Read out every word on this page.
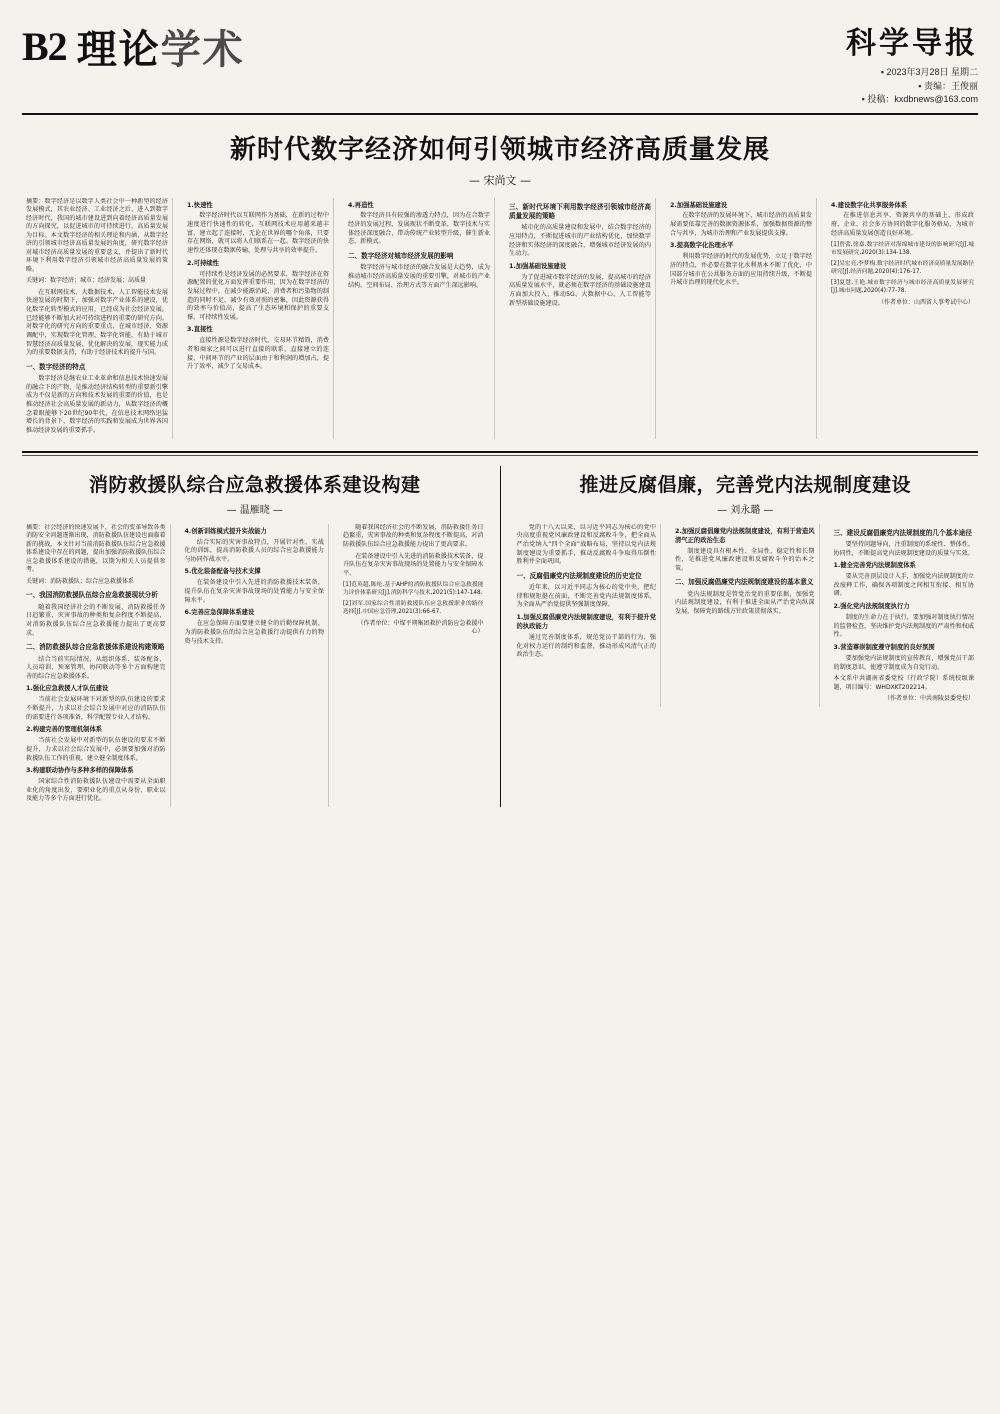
B2 理论学术	科学导报
▪ 2023年3月28日 星期二
▪ 责编：王俊丽
▪ 投稿：kxdbnews@163.com
新时代数字经济如何引领城市经济高质量发展
— 宋尚文 —

摘要：数字经济是以数字人类社会中一种新型的经济发展模式，其农业经济、工业经济之后，进入到数字经济时代，我国的城市建设进到向着经济高质量发展的方向探究，以促进城市的可持续进行，高质量发展为目标。本文数字经济的相关理论和内涵，从数字经济的引领城市经济高质量发展的角度，研究数字经济对城市经济高质量发展的重要意义，并提出了新时代环境下利用数字经济引领城市经济高质量发展的策略。

关键词：数字经济；城市；经济发展；高质量

在互联网技术、大数据技术、人工智能技术发展快速发展的时期下，加强对数字产业体系的建设，优化数字化转型模式的应用，已经成为社会经济发展。已经能够不断加大对可持续进程的重要的研究方向。对数字化的研究方向的重要重点，在城市经济、资源调配中，实现数字化管理、数字化智能，有助于城市智慧经济高质量发展、优化解决的发展，现实能力成为的重要数据支持，有助于经济技术的提升与国。

一、数字经济的特点

数字经济是继农业工业革命和信息技术快速发展的融合下的产物，是推动经济结构转型的重要新引擎成为不仅是新的方向和技术发展的重要的价值，也是推动经济社会高质量发展的新动力，从数字经济的概念着眼能够下20世纪90年代，在信息技术网络迅猛增长的背景下，数字经济的实践和发展成为世界各国推动经济发展的重要抓手。

1.快速性

数字经济时代以互联网作为基础，在新的过程中速度进行快速性的转化，互联网技术应用越来越丰富，建立起了连接时，无论在世界的哪个角落，只要存在网络，就可以将人们联系在一起。数字经济的快速性还体现在数据传输、处理与共享的效率提升。

2.可持续性

可持续性是经济发展的必然要求，数字经济在资源配置的优化方面发挥重要作用，因为在数字经济的发展过程中，在减少能源消耗、消费者和污染物的制造的同时不足，减少有效对照的密集，因此资源获得的效率与价值高，提高了生态环境和保护的重要支撑，可持续性发展。

3.直接性

直接性源是数字经济时代、交易环节精简，消费者和商家之间可以进行直接的联系，直接建立的连接，中间环节的产业的层面由于和利润的增加占，提升了效率，减少了交易成本。

4.再造性

数字经济具有较强的渗透力特点，因为在合数字经济的发展过程，发展现状不断变革，数字技术与实体经济深度融合，带动传统产业转型升级，催生新业态、新模式。

二、数字经济对城市经济发展的影响

数字经济与城市经济的融合发展是大趋势，成为推动城市经济高质量发展的重要引擎，对城市的产业结构、空间布局、治理方式等方面产生深远影响。

三、新时代环境下利用数字经济引领城市经济高质量发展的策略

城市化的高质量建设和发展中，结合数字经济的应用特点，不断促进城市的产业结构优化，加快数字经济和实体经济的深度融合，增强城市经济发展的内生动力。

1.加强基础设施建设

为了促进城市数字经济的发展，提高城市的经济高质量发展水平，就必须在数字经济的基础设施建设方面加大投入，推动5G、大数据中心、人工智能等新型基础设施建设。

2.加强基础设施建设

在数字经济的发展环境下，城市经济的高质量发展需要依靠完善的数据资源体系，加强数据资源的整合与共享，为城市治理和产业发展提供支撑。

3.提高数字化治理水平

利用数字经济的时代的发展优势，立足于数字经济的特点，并必要在数字化水利基本不断了优化，中国部分城市在公共服务方面的应用持续升级，不断提升城市治理的现代化水平。

4.建设数字化共享服务体系

在推进信息共享、资源共享的基础上，形成政府、企业、社会多方协同的数字化服务格局，为城市经济高质量发展创造良好环境。

[1]曾蕾,徐嘉.数字经济对海绵城市建设的影响研究[J].城市发展研究,2020(3):134-138.

[2]吴宏亮,李梦梅.数字经济时代城市经济高质量发展路径研究[J].经济问题,2020(4):176-17.

[3]夏慧,王艳.城市数字经济与城市经济高质量发展研究[J].城市问题,2020(4):77-78.

（作者单位：山西省人事考试中心）

消防救援队综合应急救援体系建设构建
— 温雁晓 —

摘要：社会经济的快速发展下，社会的变革导致各类消防安全问题逐渐出现，消防救援队伍建设也面临着新的挑战，本文针对当前消防救援队伍综合应急救援体系建设中存在的问题，提出加强消防救援队伍综合应急救援体系建设的措施，以期为相关人员提供参考。

关键词：消防救援队；综合应急救援体系

一、我国消防救援队伍综合应急救援现状分析

随着我国经济社会的不断发展，消防救援任务日趋繁重，灾害事故的种类和复杂程度不断提高，对消防救援队伍综合应急救援能力提出了更高要求。

二、消防救援队综合应急救援体系建设构建策略

结合当前实际情况，从组织体系、装备配备、人员培训、预案管理、协同联动等多个方面构建完善的综合应急救援体系。

1.强化应急救援人才队伍建设

当前社会发展环境下对新型的队伍建设的要求不断提升，力求以社会综合发展中对应的消防队伍的需要进行各项准备，科学配置专业人才结构。

2.构建完善的管理机制体系

当前社会发展中对新型的队伍建设的要求不断提升，力求以社会综合发展中，必须要加强对消防救援队伍工作的重视，建立健全制度体系。

3.构建联动协作与多种多样的保障体系

国家综合性消防救援队伍建设中需要从全面职业化的角度出发，要职业化的重点从身份、职业以及能力等多个方面进行优化。

4.创新训练模式提升实战能力

结合实际的灾害事故特点，开展针对性、实战化的训练，提高消防救援人员的综合应急救援能力与协同作战水平。

5.优化装备配备与技术支撑

在装备建设中引入先进的消防救援技术装备，提升队伍在复杂灾害事故现场的处置能力与安全保障水平。

6.完善应急保障体系建设

在应急保障方面要建立健全的后勤保障机制，为消防救援队伍的综合应急救援行动提供有力的物资与技术支持。

随着我国经济社会的不断发展，消防救援任务日趋繁重，灾害事故的种类和复杂程度不断提高，对消防救援队伍综合应急救援能力提出了更高要求。

在装备建设中引入先进的消防救援技术装备，提升队伍在复杂灾害事故现场的处置能力与安全保障水平。

[1]范英超,陈纶.基于AHP的消防救援队综合应急救援能力评价体系研究[J].消防科学与技术,2021(5):147-148.

[2]刘军.国家综合性消防救援队伍应急救援职业的路径选择[J].中国应急管理,2021(3):66-67.

（作者单位：中煤平朔集团救护消防应急救援中心）

推进反腐倡廉，完善党内法规制度建设
— 刘永璐 —

党的十八大以来，以习近平同志为核心的党中央高度重视党风廉政建设和反腐败斗争，把全面从严治党纳入“四个全面”战略布局，坚持以党内法规制度建设为重要抓手，推动反腐败斗争取得压倒性胜利并全面巩固。

一、反腐倡廉党内法规制度建设的历史定位

近年来，以习近平同志为核心的党中央，把纪律和规矩挺在前面，不断完善党内法规制度体系，为全面从严治党提供坚强制度保障。

1.加强反腐倡廉党内法规制度建设，有利于提升党的执政能力

通过完善制度体系，规范党员干部的行为，强化对权力运行的制约和监督，推动形成风清气正的政治生态。

2.加强反腐倡廉党内法规制度建设，有利于营造风清气正的政治生态

制度建设具有根本性、全局性、稳定性和长期性，是推进党风廉政建设和反腐败斗争的治本之策。

二、加强反腐倡廉党内法规制度建设的基本意义

党内法规制度是管党治党的重要依据，加强党内法规制度建设，有利于推进全面从严治党向纵深发展，保障党的路线方针政策贯彻落实。

三、建设反腐倡廉党内法规制度的几个基本途径

要坚持问题导向，注重制度的系统性、整体性、协同性，不断提高党内法规制度建设的质量与实效。

1.健全完善党内法规制度体系

要从完善顶层设计入手，加强党内法规制度的立改废释工作，确保各项制度之间相互衔接、相互协调。

2.强化党内法规制度执行力

制度的生命力在于执行，要加强对制度执行情况的监督检查，坚决维护党内法规制度的严肃性和权威性。

3.营造尊崇制度遵守制度的良好氛围

要加强党内法规制度的宣传教育，增强党员干部的制度意识，使遵守制度成为自觉行动。

本文系中共湖南省委党校（行政学院）系统校级课题，项目编号：WHDXKT202214。

（作者单位：中共南陵县委党校）
